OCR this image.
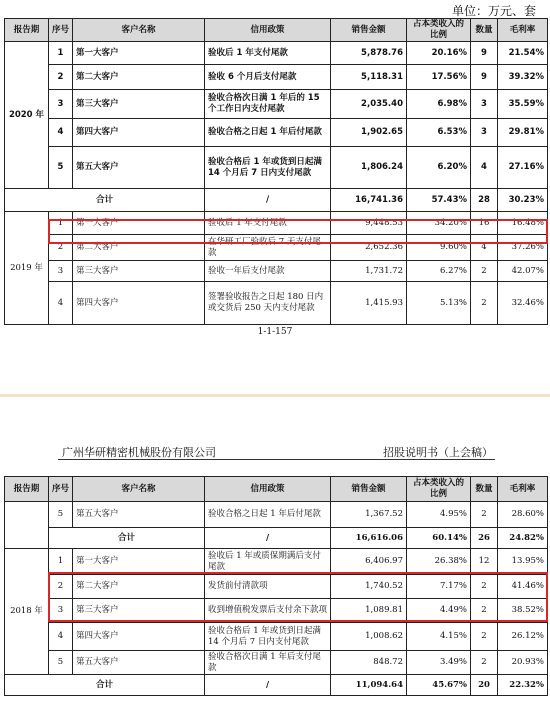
单位：万元、套
报告期	序号	客户名称	信用政策	销售金额	占本类收入的比例	数量	毛利率
2020 年	1	第一大客户	验收后 1 年支付尾款	5,878.76	20.16%	9	21.54%
	2	第二大客户	验收 6 个月后支付尾款	5,118.31	17.56%	9	39.32%
	3	第三大客户	验收合格次日满 1 年后的 15 个工作日内支付尾款	2,035.40	6.98%	3	35.59%
	4	第四大客户	验收合格之日起 1 年后付尾款	1,902.65	6.53%	3	29.81%
	5	第五大客户	验收合格后 1 年或货到日起满 14 个月后 7 日内支付尾款	1,806.24	6.20%	4	27.16%
合计			/	16,741.36	57.43%	28	30.23%
2019 年	1	第一大客户	验收后 1 年支付尾款	9,448.53	34.20%	16	16.48%
	2	第二大客户	在华研工厂验收后 7 天支付尾款	2,652.36	9.60%	4	37.26%
	3	第三大客户	验收一年后支付尾款	1,731.72	6.27%	2	42.07%
	4	第四大客户	签署验收报告之日起 180 日内或交货后 250 天内支付尾款	1,415.93	5.13%	2	32.46%
1-1-157
广州华研精密机械股份有限公司	招股说明书（上会稿）
报告期	序号	客户名称	信用政策	销售金额	占本类收入的比例	数量	毛利率
	5	第五大客户	验收合格之日起 1 年后付尾款	1,367.52	4.95%	2	28.60%
	合计		/	16,616.06	60.14%	26	24.82%
2018 年	1	第一大客户	验收后 1 年或质保期满后支付尾款	6,406.97	26.38%	12	13.95%
	2	第二大客户	发货前付清款项	1,740.52	7.17%	2	41.46%
	3	第三大客户	收到增值税发票后支付余下款项	1,089.81	4.49%	2	38.52%
	4	第四大客户	验收合格后 1 年或货到日起满 14 个月后 7 日内支付尾款	1,008.62	4.15%	2	26.12%
	5	第五大客户	验收合格次日满 1 年后支付尾款	848.72	3.49%	2	20.93%
合计			/	11,094.64	45.67%	20	22.32%
